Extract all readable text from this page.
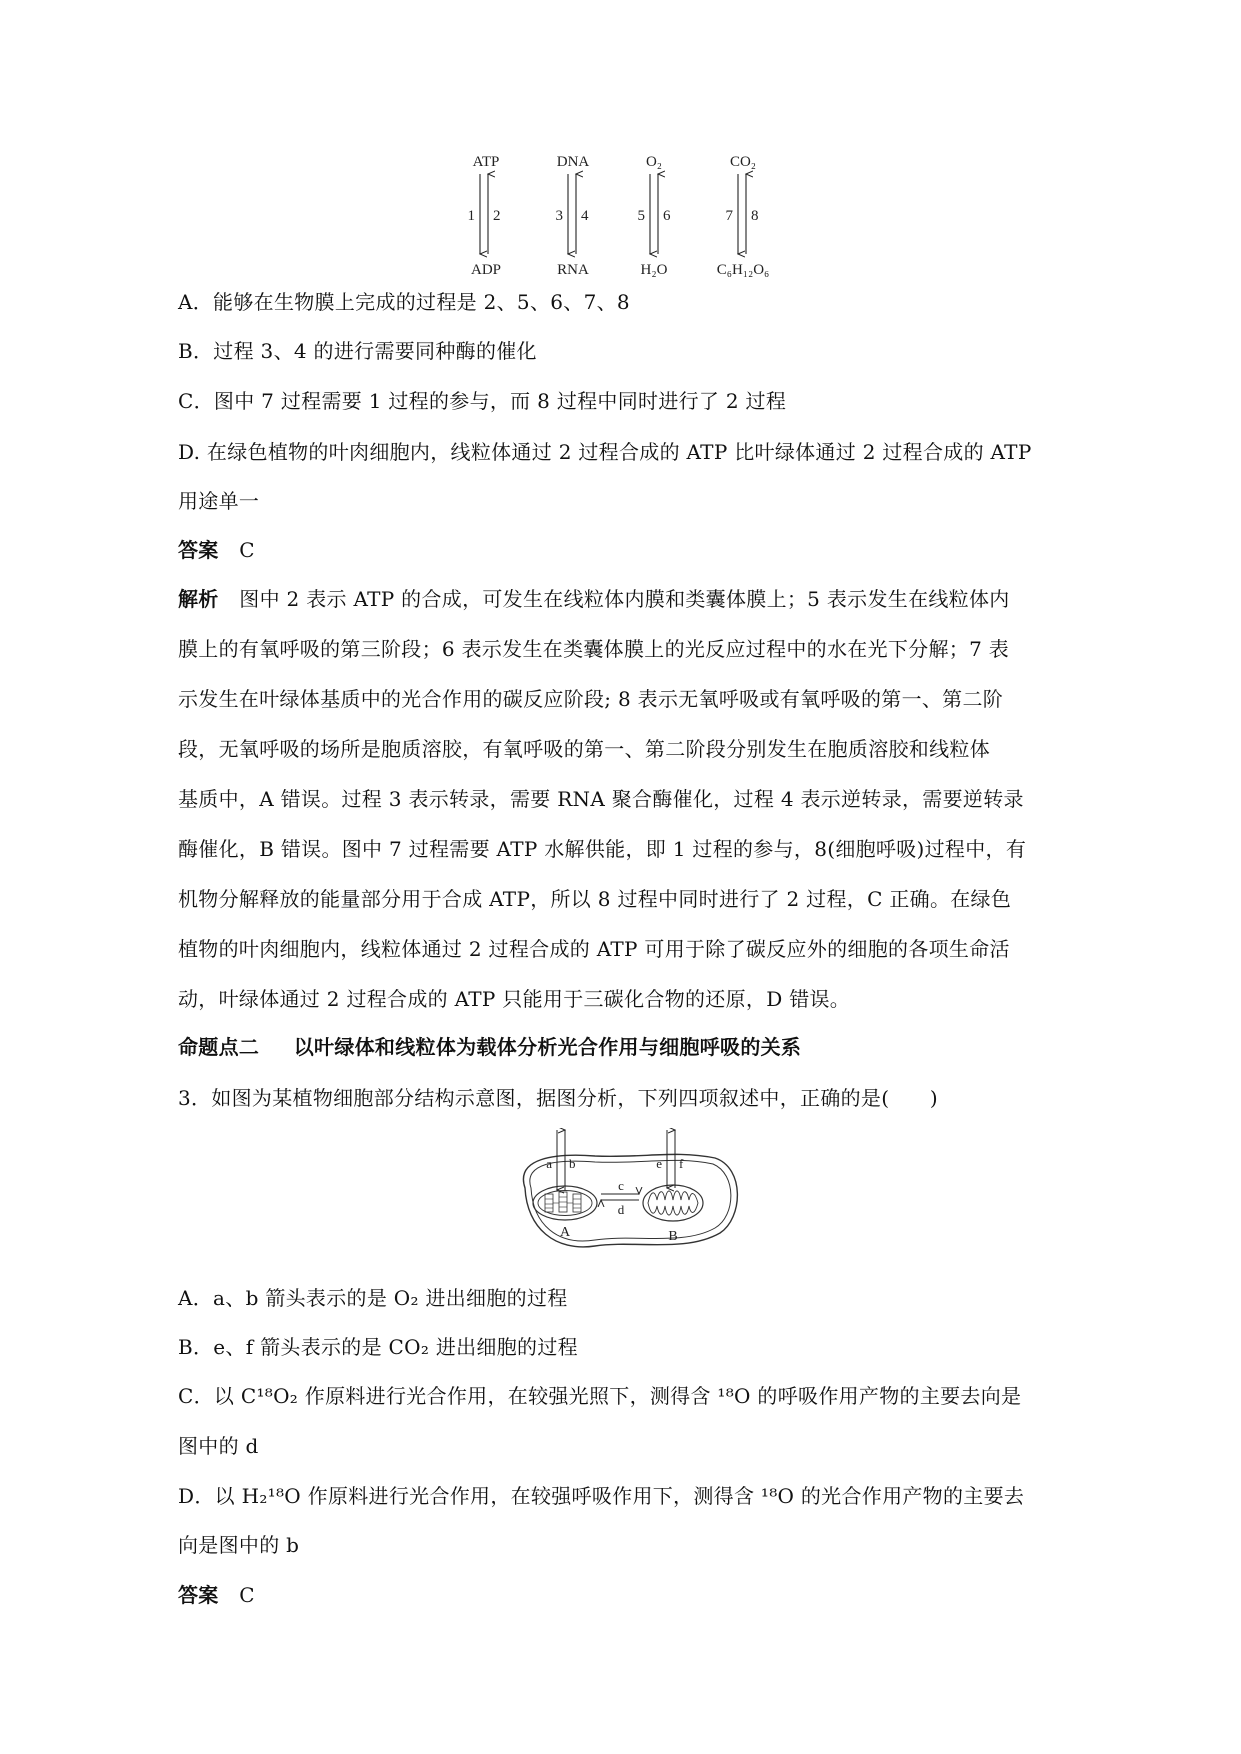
ATP
1 2
ADP
DNA
3 4
RNA
O₂
5 6
H₂O
CO₂
7 8
C₆H₁₂O₆
A．能够在生物膜上完成的过程是 2、5、6、7、8
B．过程 3、4 的进行需要同种酶的催化
C．图中 7 过程需要 1 过程的参与，而 8 过程中同时进行了 2 过程
D. 在绿色植物的叶肉细胞内，线粒体通过 2 过程合成的 ATP 比叶绿体通过 2 过程合成的 ATP
用途单一
答案 C
解析 图中 2 表示 ATP 的合成，可发生在线粒体内膜和类囊体膜上；5 表示发生在线粒体内
膜上的有氧呼吸的第三阶段；6 表示发生在类囊体膜上的光反应过程中的水在光下分解；7 表
示发生在叶绿体基质中的光合作用的碳反应阶段; 8 表示无氧呼吸或有氧呼吸的第一、第二阶
段，无氧呼吸的场所是胞质溶胶，有氧呼吸的第一、第二阶段分别发生在胞质溶胶和线粒体
基质中，A 错误。过程 3 表示转录，需要 RNA 聚合酶催化，过程 4 表示逆转录，需要逆转录
酶催化，B 错误。图中 7 过程需要 ATP 水解供能，即 1 过程的参与，8(细胞呼吸)过程中，有
机物分解释放的能量部分用于合成 ATP，所以 8 过程中同时进行了 2 过程，C 正确。在绿色
植物的叶肉细胞内，线粒体通过 2 过程合成的 ATP 可用于除了碳反应外的细胞的各项生命活
动，叶绿体通过 2 过程合成的 ATP 只能用于三碳化合物的还原，D 错误。
命题点二 以叶绿体和线粒体为载体分析光合作用与细胞呼吸的关系
3．如图为某植物细胞部分结构示意图，据图分析，下列四项叙述中，正确的是(　　)
a b	e f
c
d
A	B
A．a、b 箭头表示的是 O₂ 进出细胞的过程
B．e、f 箭头表示的是 CO₂ 进出细胞的过程
C．以 C¹⁸O₂ 作原料进行光合作用，在较强光照下，测得含 ¹⁸O 的呼吸作用产物的主要去向是
图中的 d
D．以 H₂¹⁸O 作原料进行光合作用，在较强呼吸作用下，测得含 ¹⁸O 的光合作用产物的主要去
向是图中的 b
答案 C
